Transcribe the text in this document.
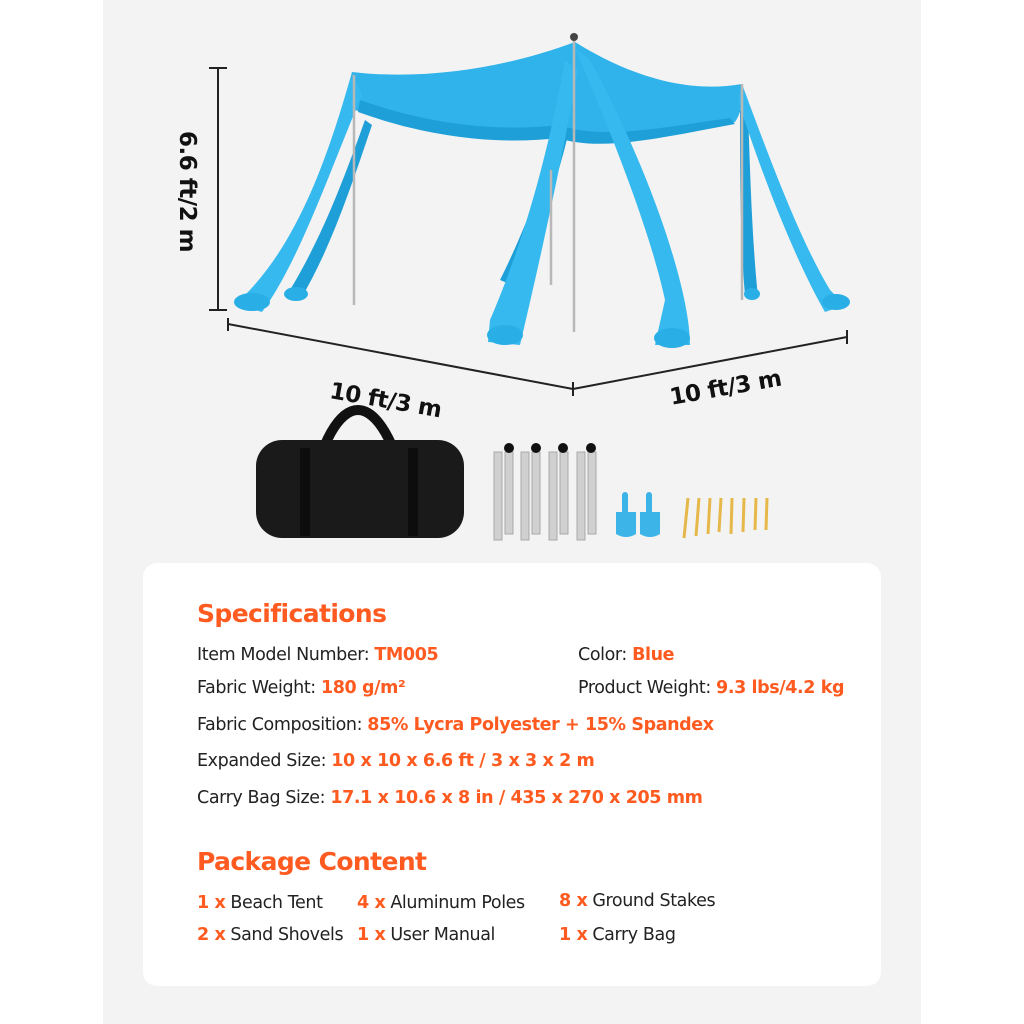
6.6 ft/2 m
10 ft/3 m	10 ft/3 m
Specifications
Item Model Number: TM005	Color: Blue
Fabric Weight: 180 g/m²	Product Weight: 9.3 lbs/4.2 kg
Fabric Composition: 85% Lycra Polyester + 15% Spandex
Expanded Size: 10 x 10 x 6.6 ft / 3 x 3 x 2 m
Carry Bag Size: 17.1 x 10.6 x 8 in / 435 x 270 x 205 mm
Package Content
1 x Beach Tent 4 x Aluminum Poles 8 x Ground Stakes
2 x Sand Shovels 1 x User Manual	1 x Carry Bag
